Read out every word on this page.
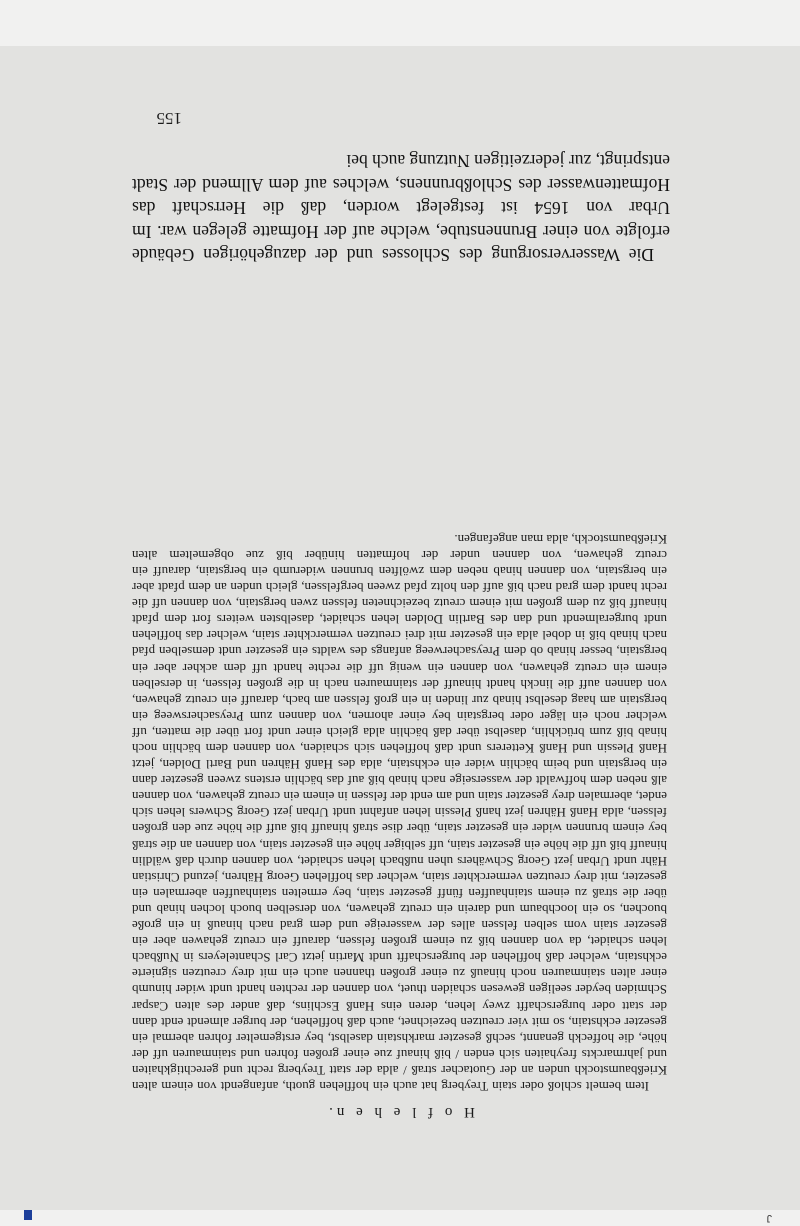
J
H o f l e h e n.

Item bemelt schloß oder stain Treyberg hat auch ein hofflehen guoth, anfangendt von einem alten Krießbaumstockh unden an der Guotacher straß / alda der statt Treyberg recht und gerechtigkhaiten und jahrmarckts freyhaiten sich enden / biß hinauf zue einer großen fohren und stainmauren uff der höhe, die hoffeckh genannt, sechß gesezter markhstain daselbst, bey erstgemelter fohren abermal ein gesezter eckhstain, so mit vier creutzen bezeichnet, auch daß hofflehen, der burger almendt endt dann der statt oder burgerschafft zwey lehen, deren eins Hanß Eschlins, daß ander des alten Caspar Schmiden beyder seeligen gewesen schaiden thuet, von dannen der rechten handt undt wider hinumb einer alten stainmauren noch hinauß zu einer großen thannen auch ein mit drey creutzen signierte eckhstain, welcher daß hofflehen der burgerschafft undt Martin jetzt Carl Schanteleyers in Nußbach lehen schaidet, da von dannen biß zu einem großen felssen, darauff ein creutz gehawen aber ein gesezter stain vom selben felssen alles der wassereige und dem grad nach hinauß in ein große buochen, so ein loochbaum und darein ein creutz gehawen, von derselben buoch lochen hinab und über die straß zu einem stainhauffen fünff gesezter stain, bey ermelten stainhauffen abermalen ein gesezter, mit drey creutzen vermerckhter stain, welcher das hofflehen Georg Hähren, jezund Christian Hähr undt Urban jezt Georg Schwähers uhen nußbach lehen schaidet, von dannen durch daß wäldlin hinauff biß uff die höhe ein gesezter stain, uff selbiger höhe ein gesezter stain, von dannen an die straß bey einem brunnen wider ein gesezter stain, über dise straß hinauff biß auff die höhe zue den großen felssen, alda Hanß Hähren jezt hanß Plessin lehen anfahnt undt Urban jezt Georg Schwers lehen sich endet, abermalen drey gesezter stain und am endt der felssen in einem ein creutz gehawen, von dannen alß neben dem hoffwaldt der wasserseige nach hinab biß auf das bächlin erstens zween gesezter dann ein bergstain und beim bächlin wider ein eckhstain, alda des Hanß Hähren und Bartl Dolden, jetzt Hanß Plessin und Hanß Ketterers undt daß hofflehen sich schaiden, von dannen dem bächlin noch hinab biß zum brückhlin, daselbst über daß bächlin alda gleich einer undt fort über die matten, uff welcher noch ein läger oder bergstain bey einer ahornen, von dannen zum Preysachersweeg ein bergstain am haag deselbst hinab zur linden in ein groß felssen am bach, darauff ein creutz gehawen, von dannen auff die linckh handt hinauff der stainmauren nach in die großen felssen, in derselben einem ein creutz gehawen, von dannen ein wenig uff die rechte handt uff dem ackher aber ein bergstain, besser hinab ob dem Preysacherweeg anfangs des waldts ein gesezter undt demselben pfad nach hinab biß in dobel alda ein gesezter mit drei creutzen vermerckhter stain, welcher das hofflehen undt burgeralmendt und dan des Bartlin Dolden lehen schaidet, daselbsten weiters fort dem pfadt hinauff biß zu dem großen mit einem creutz bezeichneten felssen zwen bergstain, von dannen uff die recht handt dem grad nach biß auff den holtz pfad zween bergfelssen, gleich unden an dem pfadt aber ein bergstain, von dannen hinab neben dem zwölften brunnen widerumb ein bergstain, darauff ein creutz gehawen, von dannen under der hofmatten hinüber biß zue obgemeltem alten Krießbaumstockh, alda man angefangen.

Die Wasserversorgung des Schlosses und der dazugehörigen Gebäude erfolgte von einer Brunnenstube, welche auf der Hofmatte gelegen war. Im Urbar von 1654 ist festgelegt worden, daß die Herrschaft das Hofmattenwasser des Schloßbrunnens, welches auf dem Allmend der Stadt entspringt, zur jederzeitigen Nutzung auch bei

155
